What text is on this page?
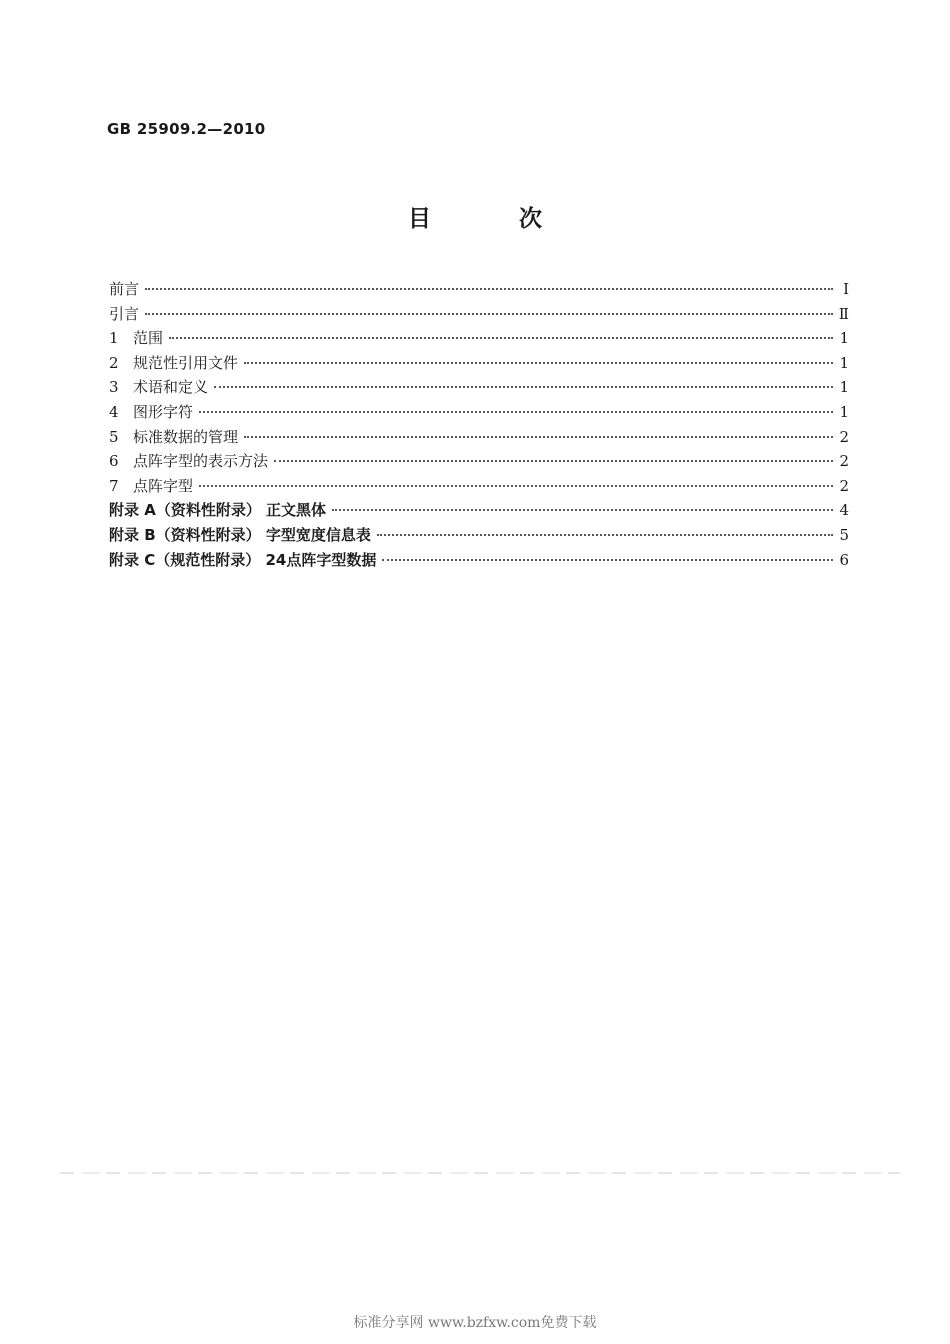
GB 25909.2—2010
目 次
前言	I
引言	Ⅱ
1 范围	1
2 规范性引用文件	1
3 术语和定义	1
4 图形字符	1
5 标准数据的管理	2
6 点阵字型的表示方法	2
7 点阵字型	2
附录 A（资料性附录） 正文黑体	4
附录 B（资料性附录） 字型宽度信息表	5
附录 C（规范性附录） 24点阵字型数据	6
标准分享网 www.bzfxw.com免费下载
